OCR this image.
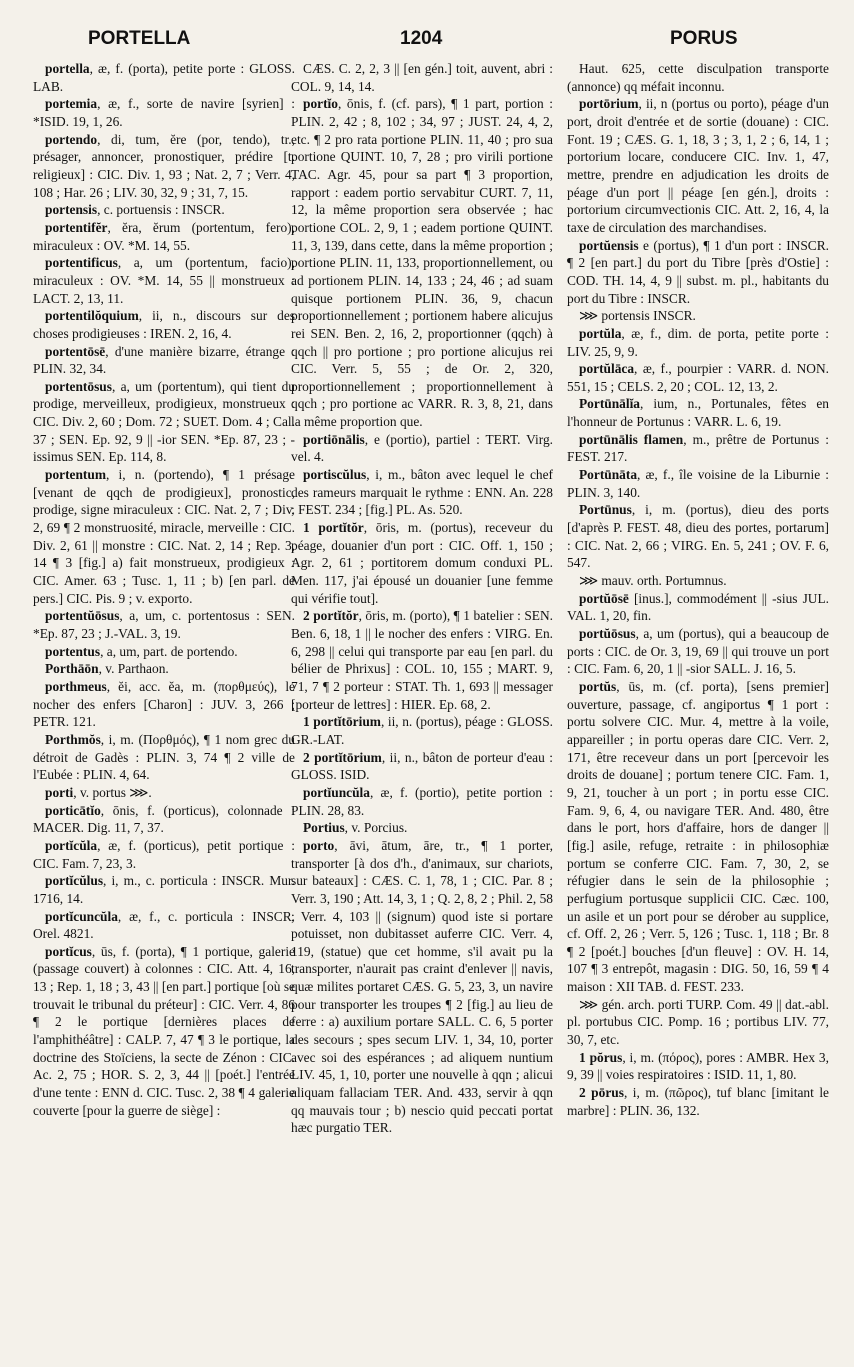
PORTELLA	1204	PORUS

portella, æ, f. (porta), petite porte : GLOSS. LAB.

portemia, æ, f., sorte de navire [syrien] : *ISID. 19, 1, 26.

portendo, di, tum, ĕre (por, tendo), tr., présager, annoncer, pronostiquer, prédire [t. religieux] : CIC. Div. 1, 93 ; Nat. 2, 7 ; Verr. 4, 108 ; Har. 26 ; LIV. 30, 32, 9 ; 31, 7, 15.

portensis, c. portuensis : INSCR.

portentifĕr, ĕra, ĕrum (portentum, fero), miraculeux : OV. *M. 14, 55.

portentificus, a, um (portentum, facio), miraculeux : OV. *M. 14, 55 || monstrueux : LACT. 2, 13, 11.

portentilŏquium, ii, n., discours sur des choses prodigieuses : IREN. 2, 16, 4.

portentōsē, d'une manière bizarre, étrange : PLIN. 32, 34.

portentōsus, a, um (portentum), qui tient du prodige, merveilleux, prodigieux, monstrueux : CIC. Div. 2, 60 ; Dom. 72 ; SUET. Dom. 4 ; Cal. 37 ; SEN. Ep. 92, 9 || -ior SEN. *Ep. 87, 23 ; -issimus SEN. Ep. 114, 8.

portentum, i, n. (portendo), ¶ 1 présage [venant de qqch de prodigieux], pronostic, prodige, signe miraculeux : CIC. Nat. 2, 7 ; Div. 2, 69 ¶ 2 monstruosité, miracle, merveille : CIC. Div. 2, 61 || monstre : CIC. Nat. 2, 14 ; Rep. 3, 14 ¶ 3 [fig.] a) fait monstrueux, prodigieux : CIC. Amer. 63 ; Tusc. 1, 11 ; b) [en parl. de pers.] CIC. Pis. 9 ; v. exporto.

portentŭōsus, a, um, c. portentosus : SEN. *Ep. 87, 23 ; J.-VAL. 3, 19.

portentus, a, um, part. de portendo.

Porthāōn, v. Parthaon.

porthmeus, ĕi, acc. ĕa, m. (πορθμεύς), le nocher des enfers [Charon] : JUV. 3, 266 ; PETR. 121.

Porthmŏs, i, m. (Πορθμός), ¶ 1 nom grec du détroit de Gadès : PLIN. 3, 74 ¶ 2 ville de l'Eubée : PLIN. 4, 64.

porti, v. portus ⋙.

porticātĭo, ōnis, f. (porticus), colonnade : MACER. Dig. 11, 7, 37.

portĭcŭla, æ, f. (porticus), petit portique : CIC. Fam. 7, 23, 3.

portĭcŭlus, i, m., c. porticula : INSCR. Mur. 1716, 14.

portĭcuncŭla, æ, f., c. porticula : INSCR. Orel. 4821.

portĭcus, ūs, f. (porta), ¶ 1 portique, galerie (passage couvert) à colonnes : CIC. Att. 4, 16, 13 ; Rep. 1, 18 ; 3, 43 || [en part.] portique [où se trouvait le tribunal du préteur] : CIC. Verr. 4, 86 ¶ 2 le portique [dernières places de l'amphithéâtre] : CALP. 7, 47 ¶ 3 le portique, la doctrine des Stoïciens, la secte de Zénon : CIC. Ac. 2, 75 ; HOR. S. 2, 3, 44 || [poét.] l'entrée d'une tente : ENN d. CIC. Tusc. 2, 38 ¶ 4 galerie couverte [pour la guerre de siège] :

CÆS. C. 2, 2, 3 || [en gén.] toit, auvent, abri : COL. 9, 14, 14.

portĭo, ōnis, f. (cf. pars), ¶ 1 part, portion : PLIN. 2, 42 ; 8, 102 ; 34, 97 ; JUST. 24, 4, 2, etc. ¶ 2 pro rata portione PLIN. 11, 40 ; pro sua portione QUINT. 10, 7, 28 ; pro virili portione TAC. Agr. 45, pour sa part ¶ 3 proportion, rapport : eadem portio servabitur CURT. 7, 11, 12, la même proportion sera observée ; hac portione COL. 2, 9, 1 ; eadem portione QUINT. 11, 3, 139, dans cette, dans la même proportion ; portione PLIN. 11, 133, proportionnellement, ou ad portionem PLIN. 14, 133 ; 24, 46 ; ad suam quisque portionem PLIN. 36, 9, chacun proportionnellement ; portionem habere alicujus rei SEN. Ben. 2, 16, 2, proportionner (qqch) à qqch || pro portione ; pro portione alicujus rei CIC. Verr. 5, 55 ; de Or. 2, 320, proportionnellement ; proportionnellement à qqch ; pro portione ac VARR. R. 3, 8, 21, dans la même proportion que.

portiōnālis, e (portio), partiel : TERT. Virg. vel. 4.

portiscŭlus, i, m., bâton avec lequel le chef des rameurs marquait le rythme : ENN. An. 228 ; FEST. 234 ; [fig.] PL. As. 520.

1 portĭtŏr, ōris, m. (portus), receveur du péage, douanier d'un port : CIC. Off. 1, 150 ; Agr. 2, 61 ; portitorem domum conduxi PL. Men. 117, j'ai épousé un douanier [une femme qui vérifie tout].

2 portĭtŏr, ōris, m. (porto), ¶ 1 batelier : SEN. Ben. 6, 18, 1 || le nocher des enfers : VIRG. En. 6, 298 || celui qui transporte par eau [en parl. du bélier de Phrixus] : COL. 10, 155 ; MART. 9, 71, 7 ¶ 2 porteur : STAT. Th. 1, 693 || messager [porteur de lettres] : HIER. Ep. 68, 2.

1 portĭtōrium, ii, n. (portus), péage : GLOSS. GR.-LAT.

2 portĭtōrium, ii, n., bâton de porteur d'eau : GLOSS. ISID.

portĭuncŭla, æ, f. (portio), petite portion : PLIN. 28, 83.

Portius, v. Porcius.

porto, āvi, ātum, āre, tr., ¶ 1 porter, transporter [à dos d'h., d'animaux, sur chariots, sur bateaux] : CÆS. C. 1, 78, 1 ; CIC. Par. 8 ; Verr. 3, 190 ; Att. 14, 3, 1 ; Q. 2, 8, 2 ; Phil. 2, 58 ; Verr. 4, 103 || (signum) quod iste si portare potuisset, non dubitasset auferre CIC. Verr. 4, 119, (statue) que cet homme, s'il avait pu la transporter, n'aurait pas craint d'enlever || navis, quæ milites portaret CÆS. G. 5, 23, 3, un navire pour transporter les troupes ¶ 2 [fig.] au lieu de ferre : a) auxilium portare SALL. C. 6, 5 porter des secours ; spes secum LIV. 1, 34, 10, porter avec soi des espérances ; ad aliquem nuntium LIV. 45, 1, 10, porter une nouvelle à qqn ; alicui aliquam fallaciam TER. And. 433, servir à qqn qq mauvais tour ; b) nescio quid peccati portat hæc purgatio TER.

Haut. 625, cette disculpation transporte (annonce) qq méfait inconnu.

portōrium, ii, n (portus ou porto), péage d'un port, droit d'entrée et de sortie (douane) : CIC. Font. 19 ; CÆS. G. 1, 18, 3 ; 3, 1, 2 ; 6, 14, 1 ; portorium locare, conducere CIC. Inv. 1, 47, mettre, prendre en adjudication les droits de péage d'un port || péage [en gén.], droits : portorium circumvectionis CIC. Att. 2, 16, 4, la taxe de circulation des marchandises.

portŭensis e (portus), ¶ 1 d'un port : INSCR. ¶ 2 [en part.] du port du Tibre [près d'Ostie] : COD. TH. 14, 4, 9 || subst. m. pl., habitants du port du Tibre : INSCR.

⋙ portensis INSCR.

portŭla, æ, f., dim. de porta, petite porte : LIV. 25, 9, 9.

portŭlāca, æ, f., pourpier : VARR. d. NON. 551, 15 ; CELS. 2, 20 ; COL. 12, 13, 2.

Portūnālĭa, ium, n., Portunales, fêtes en l'honneur de Portunus : VARR. L. 6, 19.

portūnālis flamen, m., prêtre de Portunus : FEST. 217.

Portūnāta, æ, f., île voisine de la Liburnie : PLIN. 3, 140.

Portūnus, i, m. (portus), dieu des ports [d'après P. FEST. 48, dieu des portes, portarum] : CIC. Nat. 2, 66 ; VIRG. En. 5, 241 ; OV. F. 6, 547.

⋙ mauv. orth. Portumnus.

portŭōsē [inus.], commodément || -sius JUL. VAL. 1, 20, fin.

portŭōsus, a, um (portus), qui a beaucoup de ports : CIC. de Or. 3, 19, 69 || qui trouve un port : CIC. Fam. 6, 20, 1 || -sior SALL. J. 16, 5.

portŭs, ūs, m. (cf. porta), [sens premier] ouverture, passage, cf. angiportus ¶ 1 port : portu solvere CIC. Mur. 4, mettre à la voile, appareiller ; in portu operas dare CIC. Verr. 2, 171, être receveur dans un port [percevoir les droits de douane] ; portum tenere CIC. Fam. 1, 9, 21, toucher à un port ; in portu esse CIC. Fam. 9, 6, 4, ou navigare TER. And. 480, être dans le port, hors d'affaire, hors de danger || [fig.] asile, refuge, retraite : in philosophiæ portum se conferre CIC. Fam. 7, 30, 2, se réfugier dans le sein de la philosophie ; perfugium portusque supplicii CIC. Cæc. 100, un asile et un port pour se dérober au supplice, cf. Off. 2, 26 ; Verr. 5, 126 ; Tusc. 1, 118 ; Br. 8 ¶ 2 [poét.] bouches [d'un fleuve] : OV. H. 14, 107 ¶ 3 entrepôt, magasin : DIG. 50, 16, 59 ¶ 4 maison : XII TAB. d. FEST. 233.

⋙ gén. arch. porti TURP. Com. 49 || dat.-abl. pl. portubus CIC. Pomp. 16 ; portibus LIV. 77, 30, 7, etc.

1 pŏrus, i, m. (πόρος), pores : AMBR. Hex 3, 9, 39 || voies respiratoires : ISID. 11, 1, 80.

2 pōrus, i, m. (πῶρος), tuf blanc [imitant le marbre] : PLIN. 36, 132.
